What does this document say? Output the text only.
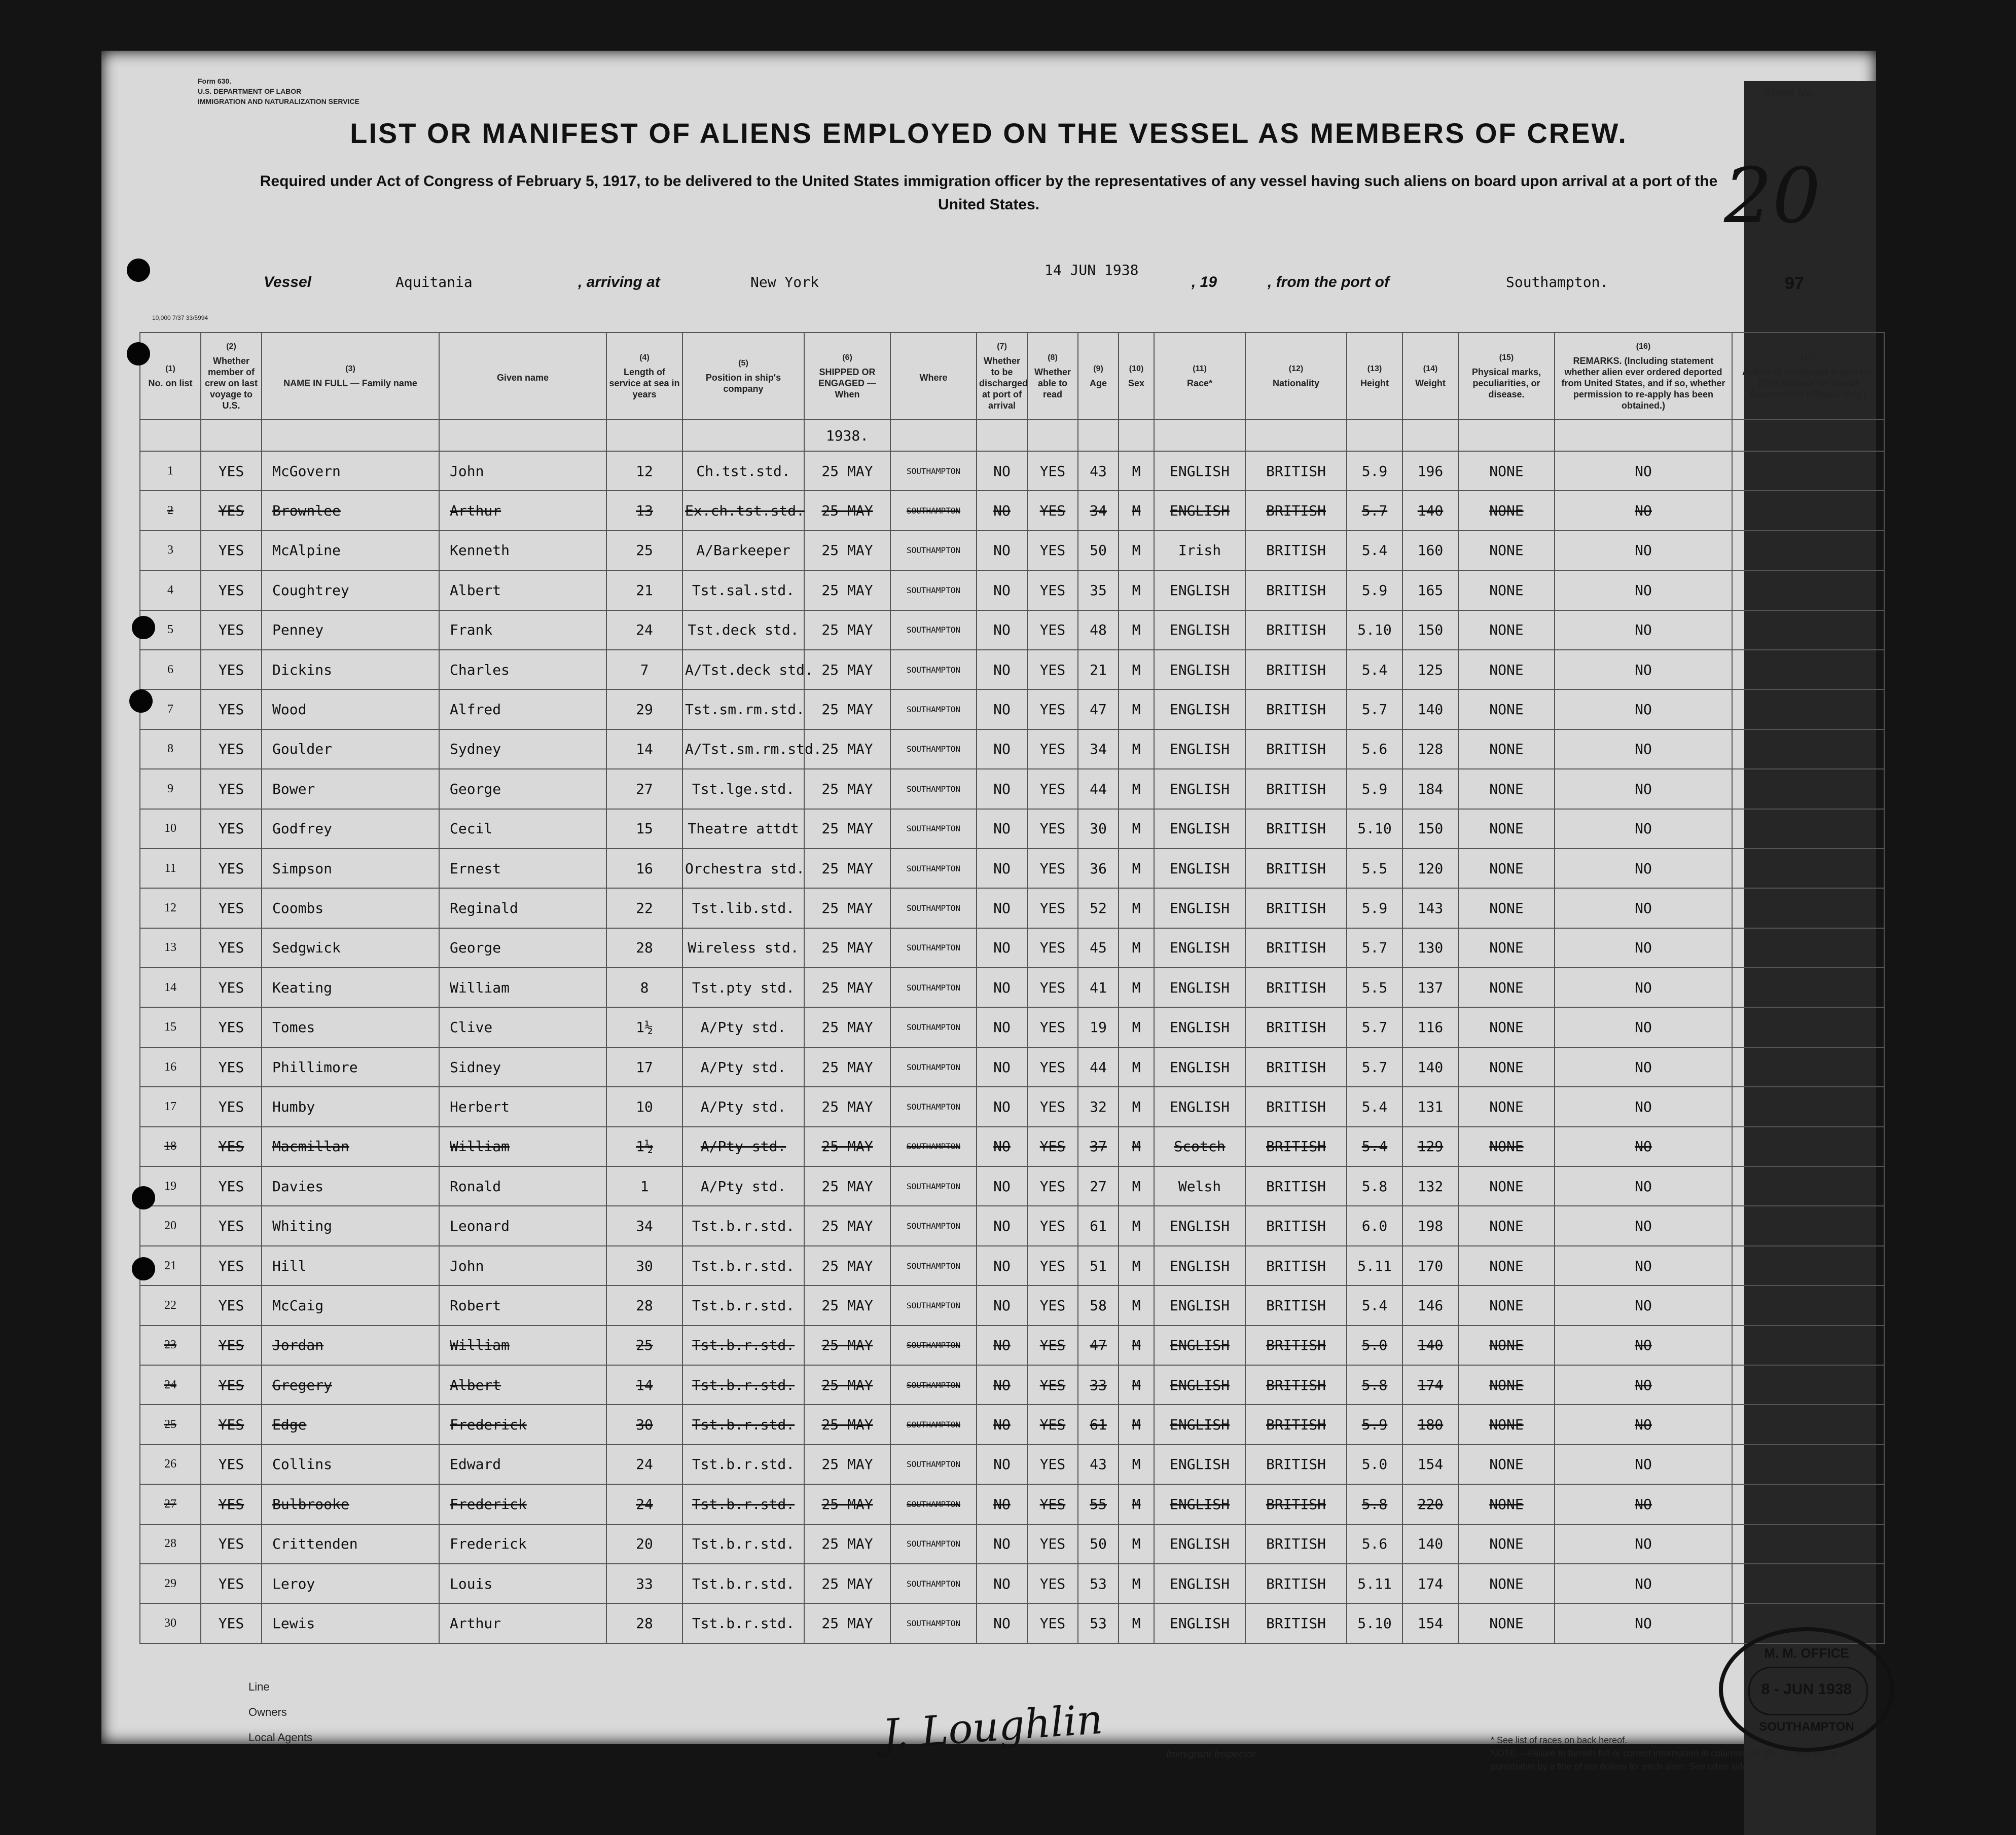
Form 630.
U.S. DEPARTMENT OF LABOR
IMMIGRATION AND NATURALIZATION SERVICE
Sheet No.
LIST OR MANIFEST OF ALIENS EMPLOYED ON THE VESSEL AS MEMBERS OF CREW.
Required under Act of Congress of February 5, 1917, to be delivered to the United States immigration officer by the representatives of any vessel having such aliens on board upon arrival at a port of the United States.	20
Vessel	Aquitania	, arriving at	New York
14 JUN 1938
, 19	, from the port of	Southampton.	97
10,000 7/37 33/5994
(1)
No. on list	(2)
Whether member of crew on last voyage to U.S.	(3)
NAME IN FULL — Family name	Given name	(4)
Length of service at sea in years	(5)
Position in ship's company	(6)
SHIPPED OR ENGAGED — When	Where	(7)
Whether to be discharged at port of arrival	(8)
Whether able to read	(9)
Age	(10)
Sex	(11)
Race*	(12)
Nationality	(13)
Height	(14)
Weight	(15)
Physical marks, peculiarities, or disease.	(16)
REMARKS. (Including statement whether alien ever ordered deported from United States, and if so, whether permission to re-apply has been obtained.)	(17)
Action of Immigrant Inspector. (This column for use of Government officials only.)
						1938.												
1	YES	McGovern	John	12	Ch.tst.std.	25 MAY	SOUTHAMPTON	NO	YES	43	M	ENGLISH	BRITISH	5.9	196	NONE	NO	
2	YES	Brownlee	Arthur	13	Ex.ch.tst.std.	25 MAY	SOUTHAMPTON	NO	YES	34	M	ENGLISH	BRITISH	5.7	140	NONE	NO	
3	YES	McAlpine	Kenneth	25	A/Barkeeper	25 MAY	SOUTHAMPTON	NO	YES	50	M	Irish	BRITISH	5.4	160	NONE	NO	
4	YES	Coughtrey	Albert	21	Tst.sal.std.	25 MAY	SOUTHAMPTON	NO	YES	35	M	ENGLISH	BRITISH	5.9	165	NONE	NO	
5	YES	Penney	Frank	24	Tst.deck std.	25 MAY	SOUTHAMPTON	NO	YES	48	M	ENGLISH	BRITISH	5.10	150	NONE	NO	
6	YES	Dickins	Charles	7	A/Tst.deck std.	25 MAY	SOUTHAMPTON	NO	YES	21	M	ENGLISH	BRITISH	5.4	125	NONE	NO	
7	YES	Wood	Alfred	29	Tst.sm.rm.std.	25 MAY	SOUTHAMPTON	NO	YES	47	M	ENGLISH	BRITISH	5.7	140	NONE	NO	
8	YES	Goulder	Sydney	14	A/Tst.sm.rm.std.	25 MAY	SOUTHAMPTON	NO	YES	34	M	ENGLISH	BRITISH	5.6	128	NONE	NO	
9	YES	Bower	George	27	Tst.lge.std.	25 MAY	SOUTHAMPTON	NO	YES	44	M	ENGLISH	BRITISH	5.9	184	NONE	NO	
10	YES	Godfrey	Cecil	15	Theatre attdt	25 MAY	SOUTHAMPTON	NO	YES	30	M	ENGLISH	BRITISH	5.10	150	NONE	NO	
11	YES	Simpson	Ernest	16	Orchestra std.	25 MAY	SOUTHAMPTON	NO	YES	36	M	ENGLISH	BRITISH	5.5	120	NONE	NO	
12	YES	Coombs	Reginald	22	Tst.lib.std.	25 MAY	SOUTHAMPTON	NO	YES	52	M	ENGLISH	BRITISH	5.9	143	NONE	NO	
13	YES	Sedgwick	George	28	Wireless std.	25 MAY	SOUTHAMPTON	NO	YES	45	M	ENGLISH	BRITISH	5.7	130	NONE	NO	
14	YES	Keating	William	8	Tst.pty std.	25 MAY	SOUTHAMPTON	NO	YES	41	M	ENGLISH	BRITISH	5.5	137	NONE	NO	
15	YES	Tomes	Clive	1½	A/Pty std.	25 MAY	SOUTHAMPTON	NO	YES	19	M	ENGLISH	BRITISH	5.7	116	NONE	NO	
16	YES	Phillimore	Sidney	17	A/Pty std.	25 MAY	SOUTHAMPTON	NO	YES	44	M	ENGLISH	BRITISH	5.7	140	NONE	NO	
17	YES	Humby	Herbert	10	A/Pty std.	25 MAY	SOUTHAMPTON	NO	YES	32	M	ENGLISH	BRITISH	5.4	131	NONE	NO	
18	YES	Macmillan	William	1½	A/Pty std.	25 MAY	SOUTHAMPTON	NO	YES	37	M	Scotch	BRITISH	5.4	129	NONE	NO	
19	YES	Davies	Ronald	1	A/Pty std.	25 MAY	SOUTHAMPTON	NO	YES	27	M	Welsh	BRITISH	5.8	132	NONE	NO	
20	YES	Whiting	Leonard	34	Tst.b.r.std.	25 MAY	SOUTHAMPTON	NO	YES	61	M	ENGLISH	BRITISH	6.0	198	NONE	NO	
21	YES	Hill	John	30	Tst.b.r.std.	25 MAY	SOUTHAMPTON	NO	YES	51	M	ENGLISH	BRITISH	5.11	170	NONE	NO	
22	YES	McCaig	Robert	28	Tst.b.r.std.	25 MAY	SOUTHAMPTON	NO	YES	58	M	ENGLISH	BRITISH	5.4	146	NONE	NO	
23	YES	Jordan	William	25	Tst.b.r.std.	25 MAY	SOUTHAMPTON	NO	YES	47	M	ENGLISH	BRITISH	5.0	140	NONE	NO	
24	YES	Gregery	Albert	14	Tst.b.r.std.	25 MAY	SOUTHAMPTON	NO	YES	33	M	ENGLISH	BRITISH	5.8	174	NONE	NO	
25	YES	Edge	Frederick	30	Tst.b.r.std.	25 MAY	SOUTHAMPTON	NO	YES	61	M	ENGLISH	BRITISH	5.9	180	NONE	NO	
26	YES	Collins	Edward	24	Tst.b.r.std.	25 MAY	SOUTHAMPTON	NO	YES	43	M	ENGLISH	BRITISH	5.0	154	NONE	NO	
27	YES	Bulbrooke	Frederick	24	Tst.b.r.std.	25 MAY	SOUTHAMPTON	NO	YES	55	M	ENGLISH	BRITISH	5.8	220	NONE	NO	
28	YES	Crittenden	Frederick	20	Tst.b.r.std.	25 MAY	SOUTHAMPTON	NO	YES	50	M	ENGLISH	BRITISH	5.6	140	NONE	NO	
29	YES	Leroy	Louis	33	Tst.b.r.std.	25 MAY	SOUTHAMPTON	NO	YES	53	M	ENGLISH	BRITISH	5.11	174	NONE	NO	
30	YES	Lewis	Arthur	28	Tst.b.r.std.	25 MAY	SOUTHAMPTON	NO	YES	53	M	ENGLISH	BRITISH	5.10	154	NONE	NO	
Line
Owners
Local Agents	J. Loughlin	Immigrant Inspector.
* See list of races on back hereof.
NOTE.—Failure to furnish full or correct information in columns (3), (6), (7), and (8), is punishable by a fine of ten dollars for each alien. See other side.
M. M. OFFICE
8 - JUN 1938
SOUTHAMPTON
